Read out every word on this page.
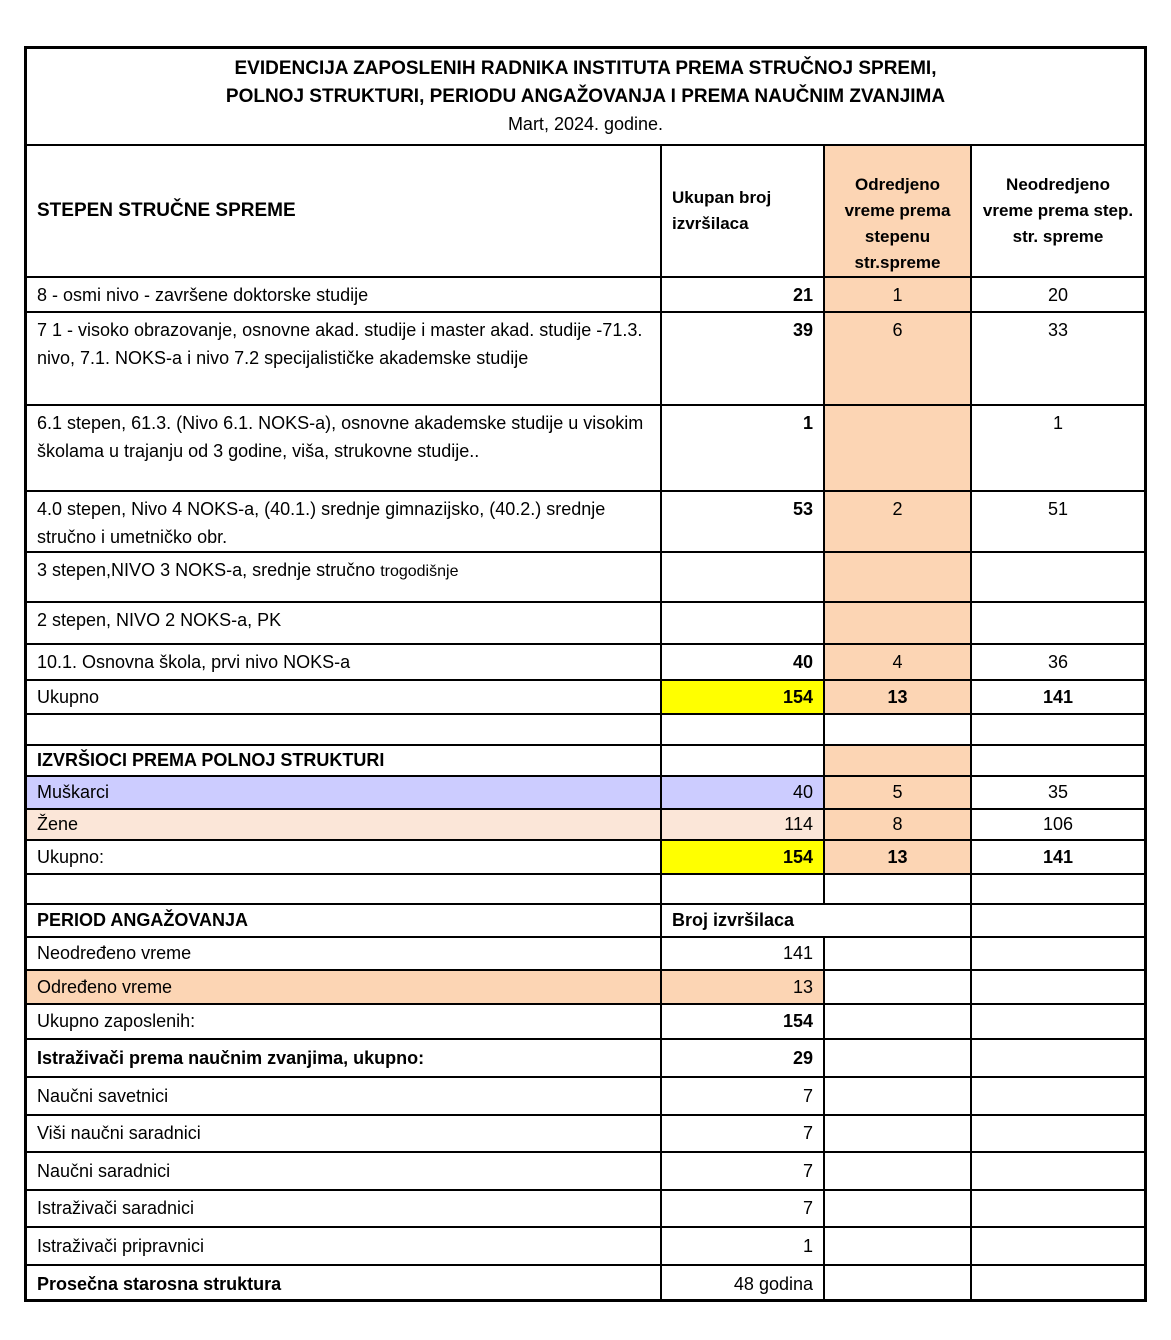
EVIDENCIJA ZAPOSLENIH RADNIKA INSTITUTA PREMA STRUČNOJ SPREMI,
POLNOJ STRUKTURI, PERIODU ANGAŽOVANJA I PREMA NAUČNIM ZVANJIMA
Mart, 2024. godine.
STEPEN STRUČNE SPREME	Ukupan broj izvršilaca	Odredjeno vreme prema stepenu str.spreme	Neodredjeno vreme prema step. str. spreme
8 - osmi nivo - završene doktorske studije	21	1	20
7 1 - visoko obrazovanje, osnovne akad. studije i master akad. studije -71.3. nivo, 7.1. NOKS-a i nivo 7.2 specijalističke akademske studije	39	6	33
6.1 stepen, 61.3. (Nivo 6.1. NOKS-a), osnovne akademske studije u visokim školama u trajanju od 3 godine, viša, strukovne studije..	1		1
4.0 stepen, Nivo 4 NOKS-a, (40.1.) srednje gimnazijsko, (40.2.) srednje stručno i umetničko obr.	53	2	51
3 stepen,NIVO 3 NOKS-a, srednje stručno trogodišnje			
2 stepen, NIVO 2 NOKS-a, PK			
10.1. Osnovna škola, prvi nivo NOKS-a	40	4	36
Ukupno	154	13	141

IZVRŠIOCI PREMA POLNOJ STRUKTURI			
Muškarci	40	5	35
Žene	114	8	106
Ukupno:	154	13	141

PERIOD ANGAŽOVANJA	Broj izvršilaca		
Neodređeno vreme	141		
Određeno vreme	13		
Ukupno zaposlenih:	154		
Istraživači prema naučnim zvanjima, ukupno:	29		
Naučni savetnici	7		
Viši naučni saradnici	7		
Naučni saradnici	7		
Istraživači saradnici	7		
Istraživači pripravnici	1		
Prosečna starosna struktura	48 godina		
